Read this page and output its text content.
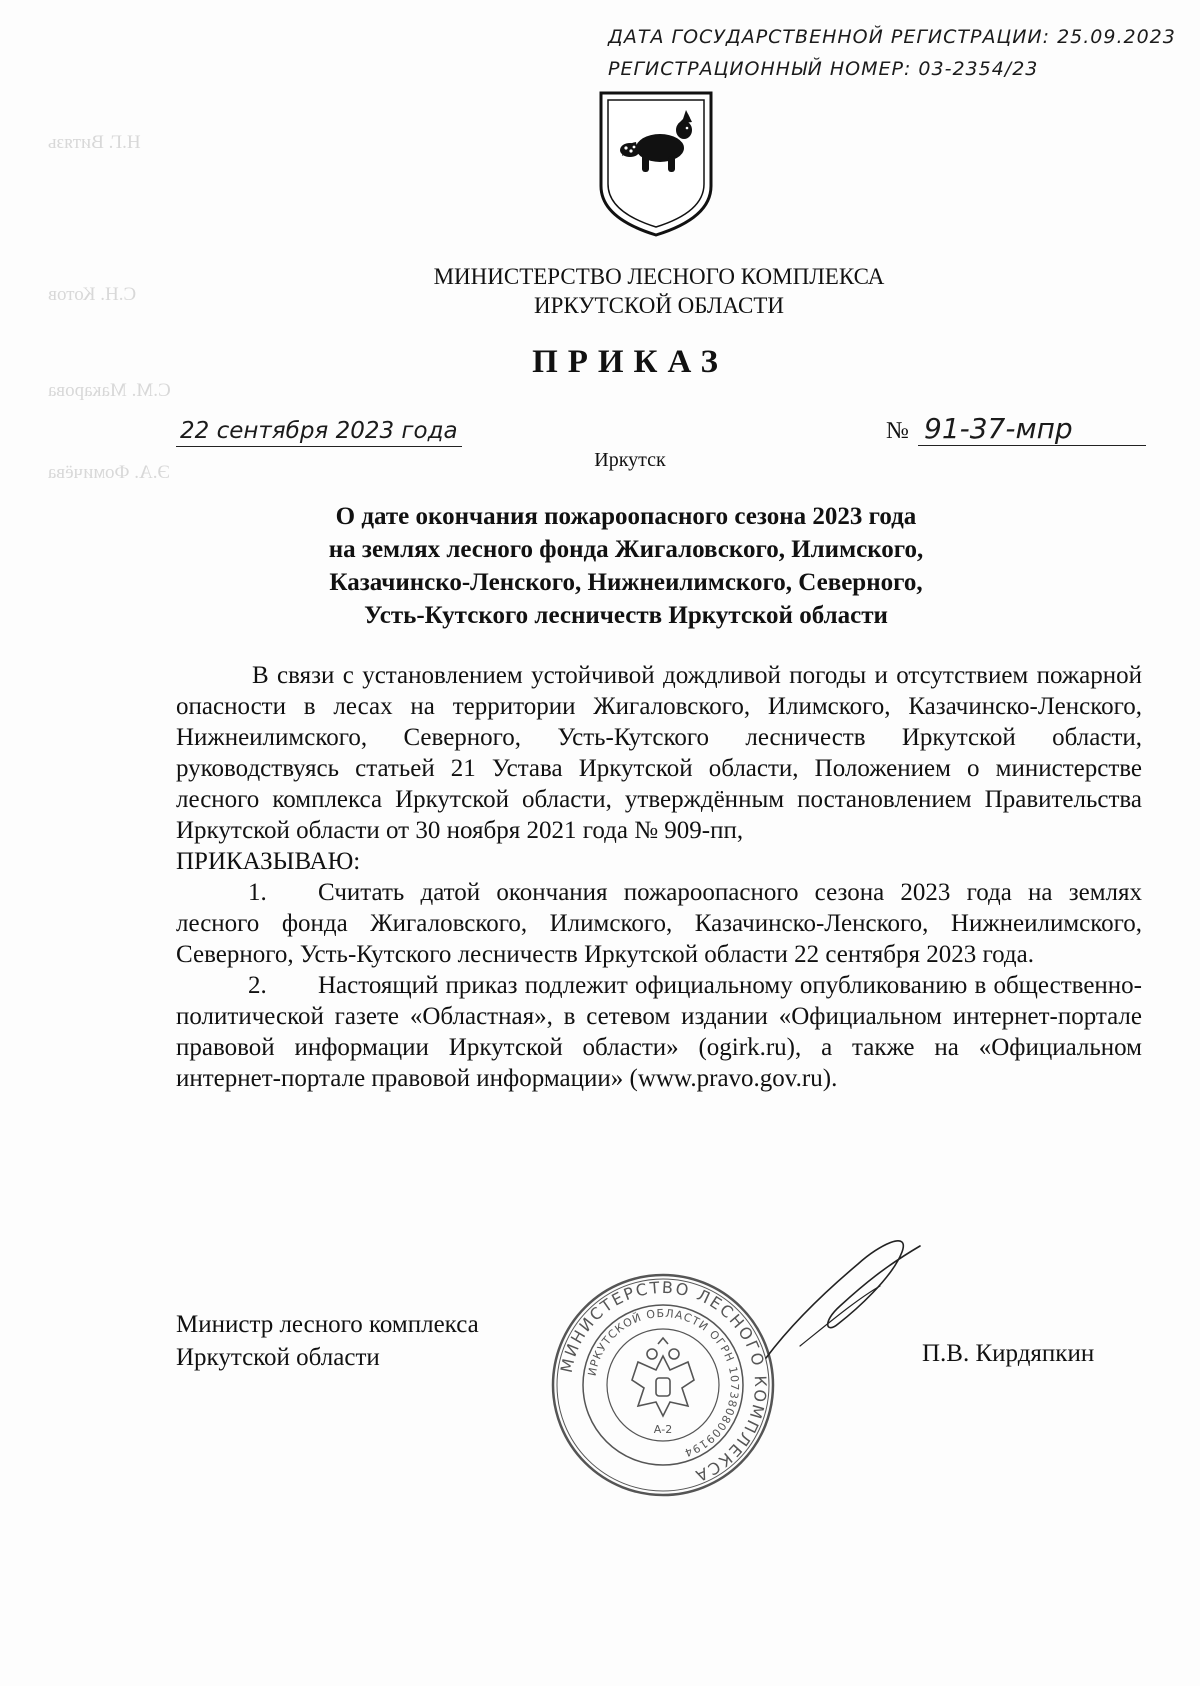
Н.Г. Витязь
С.Н. Котов
С.М. Макарова
Э.А. Фомичёва
ДАТА ГОСУДАРСТВЕННОЙ РЕГИСТРАЦИИ: 25.09.2023
РЕГИСТРАЦИОННЫЙ НОМЕР: 03-2354/23
МИНИСТЕРСТВО ЛЕСНОГО КОМПЛЕКСА
ИРКУТСКОЙ ОБЛАСТИ
ПРИКАЗ
22 сентября 2023 года	№ 91-37-мпр
Иркутск
О дате окончания пожароопасного сезона 2023 года
на землях лесного фонда Жигаловского, Илимского,
Казачинско-Ленского, Нижнеилимского, Северного,
Усть-Кутского лесничеств Иркутской области

В связи с установлением устойчивой дождливой погоды и отсутствием пожарной опасности в лесах на территории Жигаловского, Илимского, Казачинско-Ленского, Нижнеилимского, Северного, Усть-Кутского лесничеств Иркутской области, руководствуясь статьей 21 Устава Иркутской области, Положением о министерстве лесного комплекса Иркутской области, утверждённым постановлением Правительства Иркутской области от 30 ноября 2021 года № 909-пп,

ПРИКАЗЫВАЮ:

1. Считать датой окончания пожароопасного сезона 2023 года на землях лесного фонда Жигаловского, Илимского, Казачинско-Ленского, Нижнеилимского, Северного, Усть-Кутского лесничеств Иркутской области 22 сентября 2023 года.

2. Настоящий приказ подлежит официальному опубликованию в общественно-политической газете «Областная», в сетевом издании «Официальном интернет-портале правовой информации Иркутской области» (ogirk.ru), а также на «Официальном интернет-портале правовой информации» (www.pravo.gov.ru).

Министр лесного комплекса
Иркутской области	МИНИСТЕРСТВО ЛЕСНОГО КОМПЛЕКСА
ИРКУТСКОЙ ОБЛАСТИ ОГРН 1073808009194
А-2
П.В. Кирдяпкин
